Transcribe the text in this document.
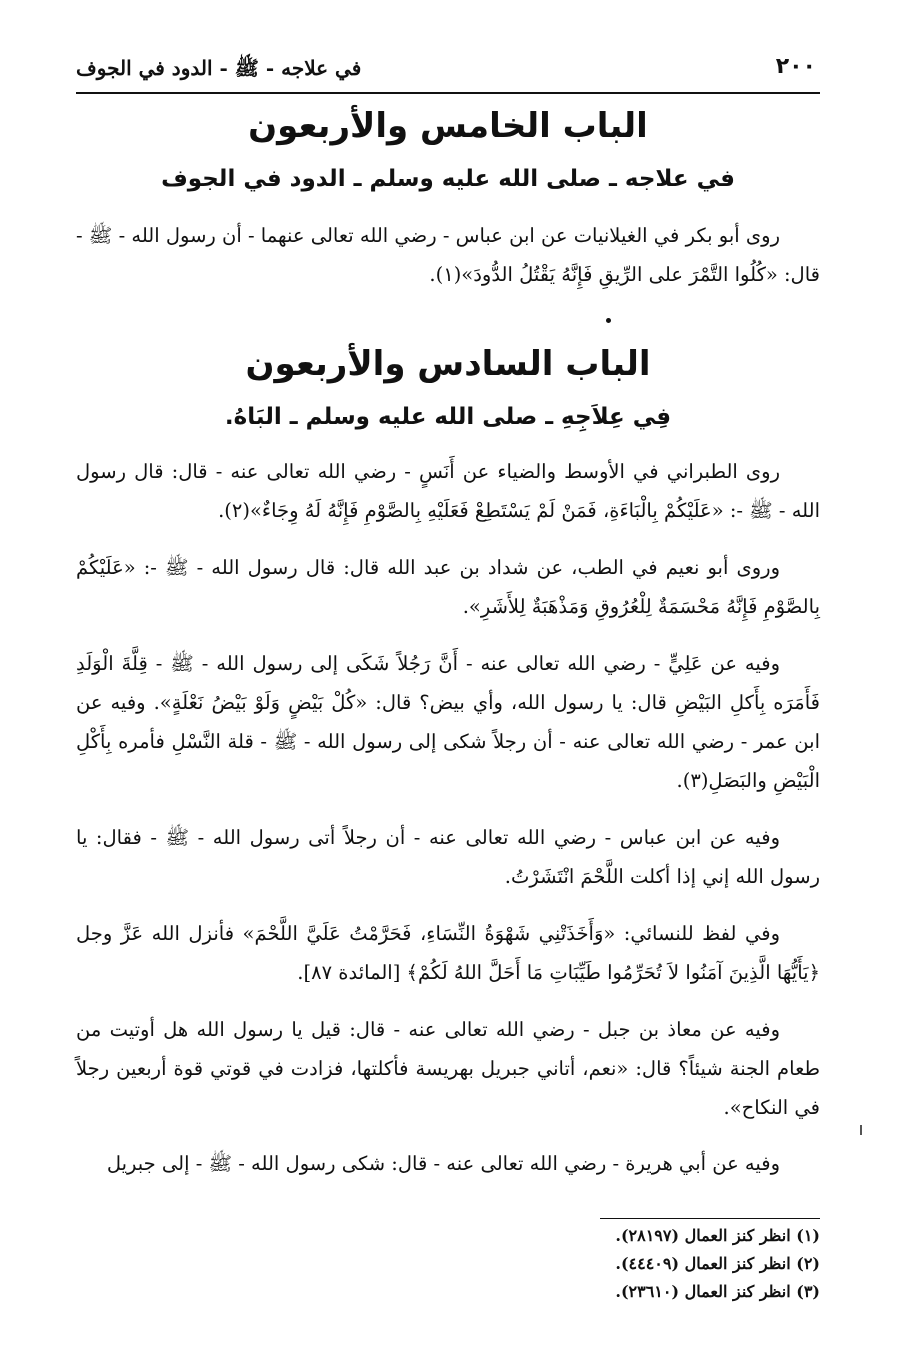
٢٠٠
في علاجه - ﷺ - الدود في الجوف
الباب الخامس والأربعون
في علاجه ـ صلى الله عليه وسلم ـ الدود في الجوف

روى أبو بكر في الغيلانيات عن ابن عباس - رضي الله تعالى عنهما - أن رسول الله - ﷺ - قال: «كُلُوا التَّمْرَ على الرِّيقِ فَإِنَّهُ يَقْتُلُ الدُّودَ»(١).

الباب السادس والأربعون
فِي عِلاَجِهِ ـ صلى الله عليه وسلم ـ البَاهُ.

روى الطبراني في الأوسط والضياء عن أَنَسٍ - رضي الله تعالى عنه - قال: قال رسول الله - ﷺ -: «عَلَيْكُمْ بِالْبَاءَةِ، فَمَنْ لَمْ يَسْتَطِعْ فَعَلَيْهِ بِالصَّوْمِ فَإِنَّهُ لَهُ وِجَاءٌ»(٢).

وروى أبو نعيم في الطب، عن شداد بن عبد الله قال: قال رسول الله - ﷺ -: «عَلَيْكُمْ بِالصَّوْمِ فَإِنَّهُ مَحْسَمَةٌ لِلْعُرُوقِ وَمَذْهَبَةٌ لِلأَشَرِ».

وفيه عن عَلِيٍّ - رضي الله تعالى عنه - أَنَّ رَجُلاً شَكَى إلى رسول الله - ﷺ - قِلَّةَ الْوَلَدِ فَأَمَرَه بِأَكلِ البَيْضِ قال: يا رسول الله، وأي بيض؟ قال: «كُلْ بَيْضٍ وَلَوْ بَيْضُ نَعْلَةٍ». وفيه عن ابن عمر - رضي الله تعالى عنه - أن رجلاً شكى إلى رسول الله - ﷺ - قلة النَّسْلِ فأمره بِأَكْلِ الْبَيْضِ والبَصَلِ(٣).

وفيه عن ابن عباس - رضي الله تعالى عنه - أن رجلاً أتى رسول الله - ﷺ - فقال: يا رسول الله إني إذا أكلت اللَّحْمَ انْتَشَرْتُ.

وفي لفظ للنسائي: «وَأَخَذَتْنِي شَهْوَةُ النِّسَاءِ، فَحَرَّمْتُ عَلَيَّ اللَّحْمَ» فأنزل الله عَزَّ وجل ﴿يَأَيُّهَا الَّذِينَ آمَنُوا لاَ تُحَرِّمُوا طَيِّبَاتِ مَا أَحَلَّ اللهُ لَكُمْ﴾ [المائدة ٨٧].

وفيه عن معاذ بن جبل - رضي الله تعالى عنه - قال: قيل يا رسول الله هل أوتيت من طعام الجنة شيئاً؟ قال: «نعم، أتاني جبريل بهريسة فأكلتها، فزادت في قوتي قوة أربعين رجلاً في النكاح».

وفيه عن أبي هريرة - رضي الله تعالى عنه - قال: شكى رسول الله - ﷺ - إلى جبريل

(١) انظر كنز العمال (٢٨١٩٧).
(٢) انظر كنز العمال (٤٤٤٠٩).
(٣) انظر كنز العمال (٢٣٦١٠).
